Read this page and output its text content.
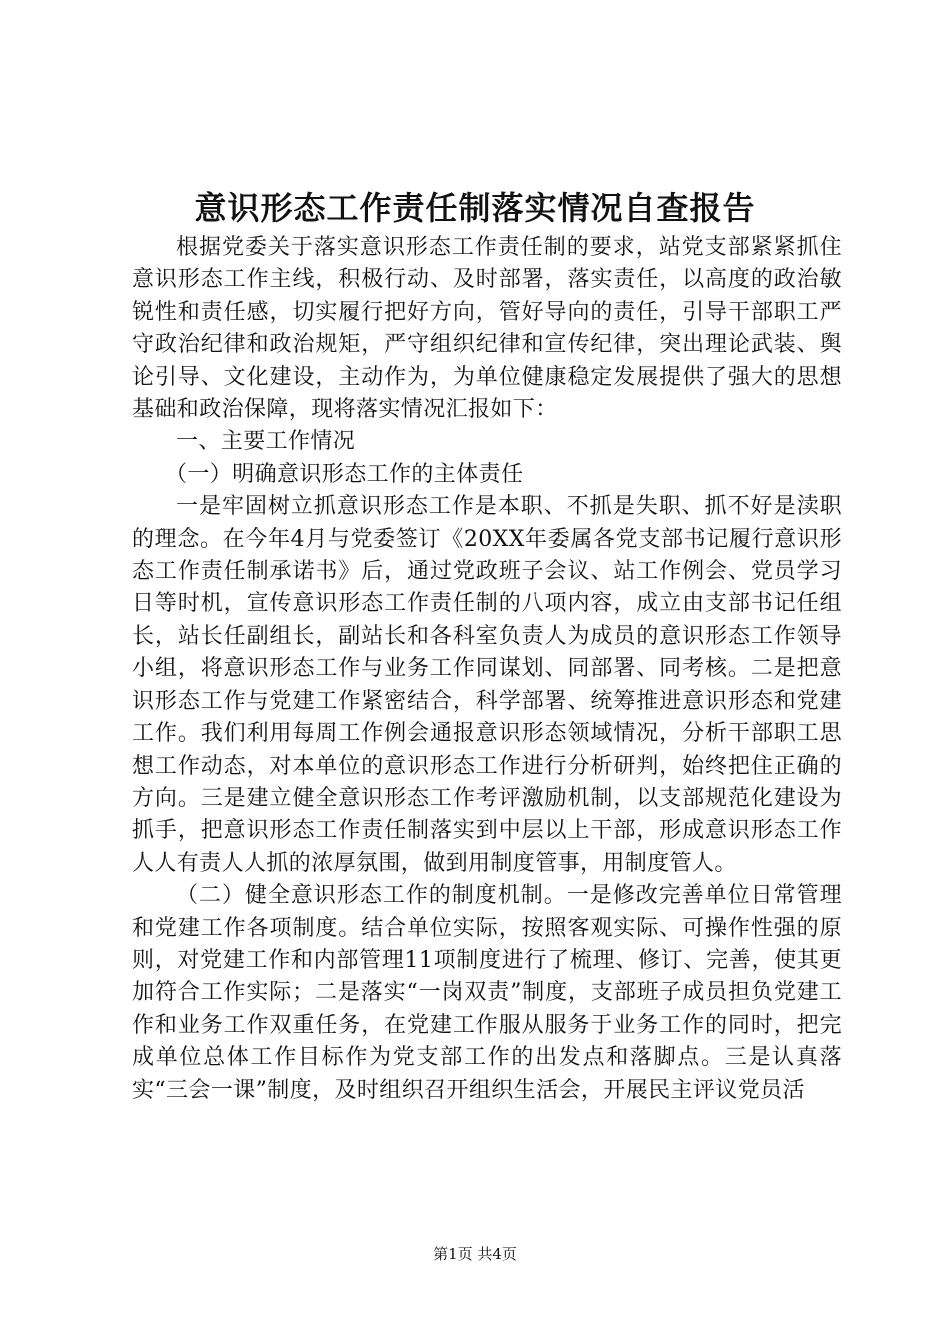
意识形态工作责任制落实情况自查报告

根据党委关于落实意识形态工作责任制的要求，站党支部紧紧抓住意识形态工作主线，积极行动、及时部署，落实责任，以高度的政治敏锐性和责任感，切实履行把好方向，管好导向的责任，引导干部职工严守政治纪律和政治规矩，严守组织纪律和宣传纪律，突出理论武装、舆论引导、文化建设，主动作为，为单位健康稳定发展提供了强大的思想基础和政治保障，现将落实情况汇报如下：

一、主要工作情况

（一）明确意识形态工作的主体责任

一是牢固树立抓意识形态工作是本职、不抓是失职、抓不好是渎职的理念。在今年4月与党委签订《20XX年委属各党支部书记履行意识形态工作责任制承诺书》后，通过党政班子会议、站工作例会、党员学习日等时机，宣传意识形态工作责任制的八项内容，成立由支部书记任组长，站长任副组长，副站长和各科室负责人为成员的意识形态工作领导小组，将意识形态工作与业务工作同谋划、同部署、同考核。二是把意识形态工作与党建工作紧密结合，科学部署、统筹推进意识形态和党建工作。我们利用每周工作例会通报意识形态领域情况，分析干部职工思想工作动态，对本单位的意识形态工作进行分析研判，始终把住正确的方向。三是建立健全意识形态工作考评激励机制，以支部规范化建设为抓手，把意识形态工作责任制落实到中层以上干部，形成意识形态工作人人有责人人抓的浓厚氛围，做到用制度管事，用制度管人。

（二）健全意识形态工作的制度机制。一是修改完善单位日常管理和党建工作各项制度。结合单位实际，按照客观实际、可操作性强的原则，对党建工作和内部管理11项制度进行了梳理、修订、完善，使其更加符合工作实际；二是落实“一岗双责”制度，支部班子成员担负党建工作和业务工作双重任务，在党建工作服从服务于业务工作的同时，把完成单位总体工作目标作为党支部工作的出发点和落脚点。三是认真落实“三会一课”制度，及时组织召开组织生活会，开展民主评议党员活

第1页 共4页
